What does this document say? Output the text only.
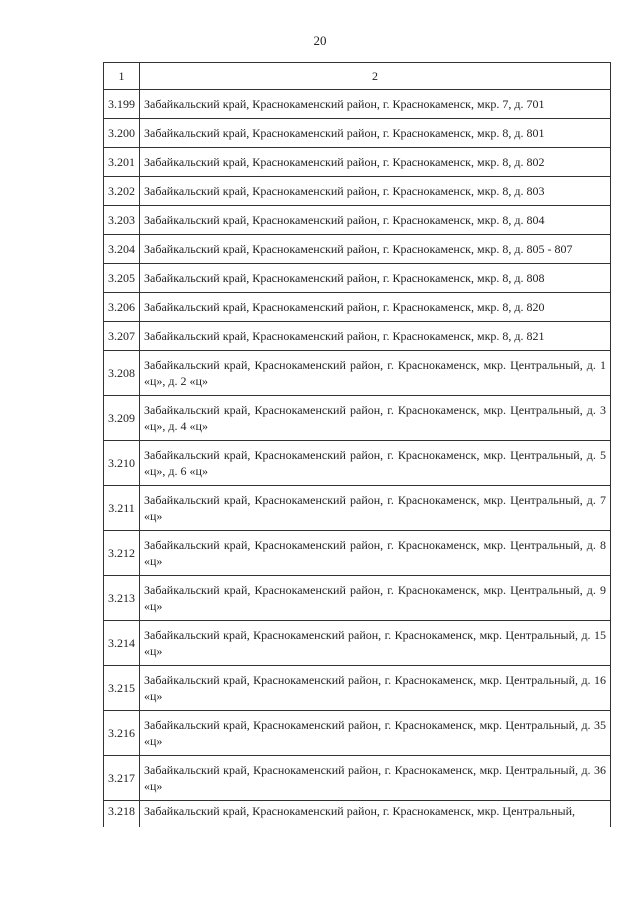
20
1	2
3.199	Забайкальский край, Краснокаменский район, г. Краснокаменск, мкр. 7, д. 701
3.200	Забайкальский край, Краснокаменский район, г. Краснокаменск, мкр. 8, д. 801
3.201	Забайкальский край, Краснокаменский район, г. Краснокаменск, мкр. 8, д. 802
3.202	Забайкальский край, Краснокаменский район, г. Краснокаменск, мкр. 8, д. 803
3.203	Забайкальский край, Краснокаменский район, г. Краснокаменск, мкр. 8, д. 804
3.204	Забайкальский край, Краснокаменский район, г. Краснокаменск, мкр. 8, д. 805 - 807
3.205	Забайкальский край, Краснокаменский район, г. Краснокаменск, мкр. 8, д. 808
3.206	Забайкальский край, Краснокаменский район, г. Краснокаменск, мкр. 8, д. 820
3.207	Забайкальский край, Краснокаменский район, г. Краснокаменск, мкр. 8, д. 821
3.208	Забайкальский край, Краснокаменский район, г. Краснокаменск, мкр. Центральный, д. 1 «ц», д. 2 «ц»
3.209	Забайкальский край, Краснокаменский район, г. Краснокаменск, мкр. Центральный, д. 3 «ц», д. 4 «ц»
3.210	Забайкальский край, Краснокаменский район, г. Краснокаменск, мкр. Центральный, д. 5 «ц», д. 6 «ц»
3.211	Забайкальский край, Краснокаменский район, г. Краснокаменск, мкр. Центральный, д. 7 «ц»
3.212	Забайкальский край, Краснокаменский район, г. Краснокаменск, мкр. Центральный, д. 8 «ц»
3.213	Забайкальский край, Краснокаменский район, г. Краснокаменск, мкр. Центральный, д. 9 «ц»
3.214	Забайкальский край, Краснокаменский район, г. Краснокаменск, мкр. Центральный, д. 15 «ц»
3.215	Забайкальский край, Краснокаменский район, г. Краснокаменск, мкр. Центральный, д. 16 «ц»
3.216	Забайкальский край, Краснокаменский район, г. Краснокаменск, мкр. Центральный, д. 35 «ц»
3.217	Забайкальский край, Краснокаменский район, г. Краснокаменск, мкр. Центральный, д. 36 «ц»
3.218	Забайкальский край, Краснокаменский район, г. Краснокаменск, мкр. Центральный,
